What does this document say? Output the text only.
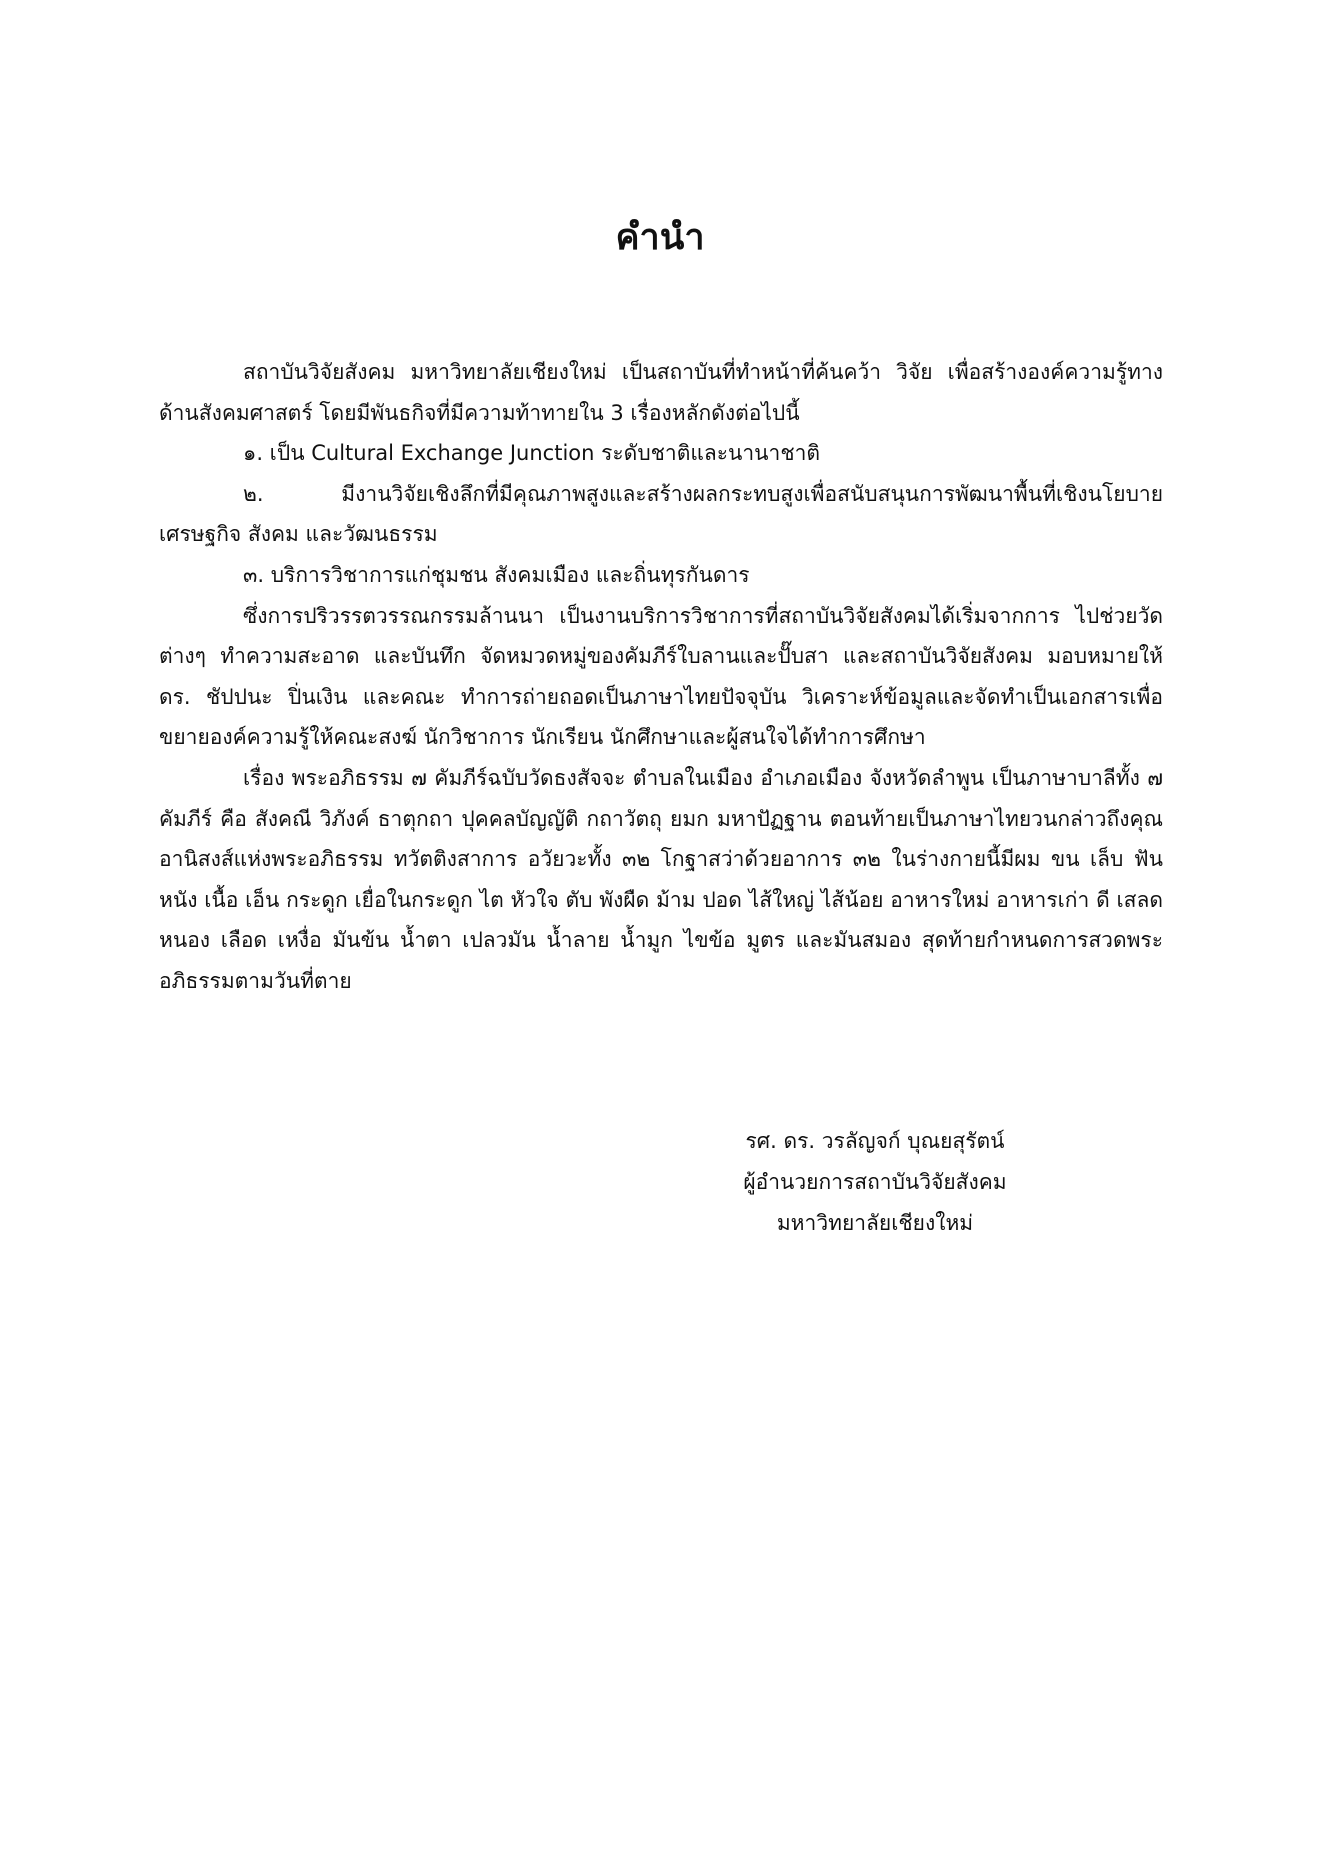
คำนำ

สถาบันวิจัยสังคม มหาวิทยาลัยเชียงใหม่ เป็นสถาบันที่ทำหน้าที่ค้นคว้า วิจัย เพื่อสร้างองค์ความรู้ทางด้านสังคมศาสตร์ โดยมีพันธกิจที่มีความท้าทายใน 3 เรื่องหลักดังต่อไปนี้

๑. เป็น Cultural Exchange Junction ระดับชาติและนานาชาติ

๒. มีงานวิจัยเชิงลึกที่มีคุณภาพสูงและสร้างผลกระทบสูงเพื่อสนับสนุนการพัฒนาพื้นที่เชิงนโยบาย เศรษฐกิจ สังคม และวัฒนธรรม

๓. บริการวิชาการแก่ชุมชน สังคมเมือง และถิ่นทุรกันดาร

ซึ่งการปริวรรตวรรณกรรมล้านนา เป็นงานบริการวิชาการที่สถาบันวิจัยสังคมได้เริ่มจากการ ไปช่วยวัดต่างๆ ทำความสะอาด และบันทึก จัดหมวดหมู่ของคัมภีร์ใบลานและปั๊บสา และสถาบันวิจัยสังคม มอบหมายให้ ดร. ชัปปนะ ปิ่นเงิน และคณะ ทำการถ่ายถอดเป็นภาษาไทยปัจจุบัน วิเคราะห์ข้อมูลและจัดทำเป็นเอกสารเพื่อขยายองค์ความรู้ให้คณะสงฆ์ นักวิชาการ นักเรียน นักศึกษาและผู้สนใจได้ทำการศึกษา

เรื่อง พระอภิธรรม ๗ คัมภีร์ฉบับวัดธงสัจจะ ตำบลในเมือง อำเภอเมือง จังหวัดลำพูน เป็นภาษาบาลีทั้ง ๗ คัมภีร์ คือ สังคณี วิภังค์ ธาตุกถา ปุคคลบัญญัติ กถาวัตถุ ยมก มหาปัฏฐาน ตอนท้ายเป็นภาษาไทยวนกล่าวถึงคุณอานิสงส์แห่งพระอภิธรรม ทวัตติงสาการ อวัยวะทั้ง ๓๒ โกฐาสว่าด้วยอาการ ๓๒ ในร่างกายนี้มีผม ขน เล็บ ฟัน หนัง เนื้อ เอ็น กระดูก เยื่อในกระดูก ไต หัวใจ ตับ พังผืด ม้าม ปอด ไส้ใหญ่ ไส้น้อย อาหารใหม่ อาหารเก่า ดี เสลด หนอง เลือด เหงื่อ มันข้น น้ำตา เปลวมัน น้ำลาย น้ำมูก ไขข้อ มูตร และมันสมอง สุดท้ายกำหนดการสวดพระอภิธรรมตามวันที่ตาย

รศ. ดร. วรลัญจก์ บุณยสุรัตน์
ผู้อำนวยการสถาบันวิจัยสังคม
มหาวิทยาลัยเชียงใหม่
